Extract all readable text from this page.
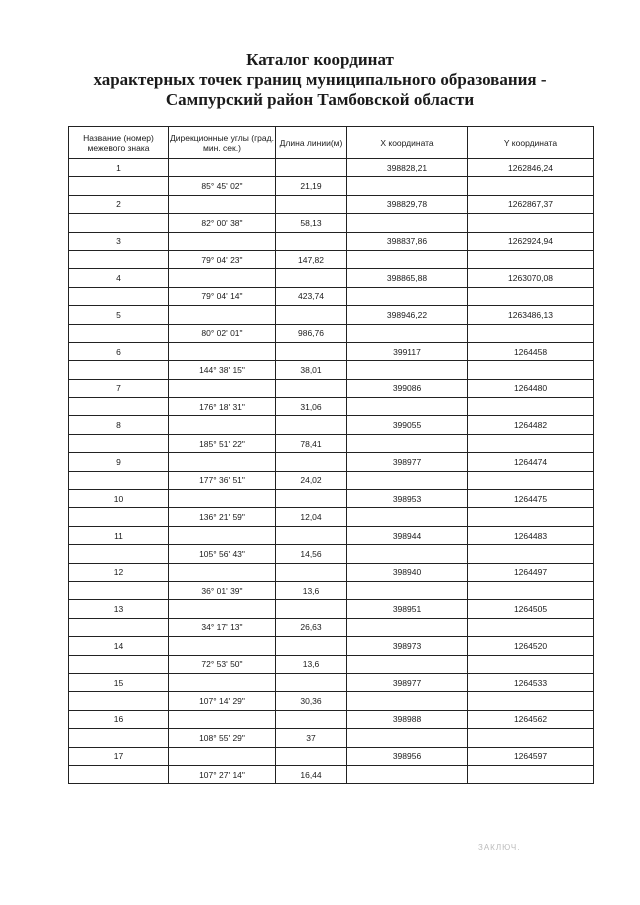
Каталог координат
характерных точек границ муниципального образования -
Сампурский район Тамбовской области
Название (номер) межевого знака	Дирекционные углы (град. мин. сек.)	Длина линии(м)	X координата	Y координата
1			398828,21	1262846,24
	85° 45' 02"	21,19		
2			398829,78	1262867,37
	82° 00' 38"	58,13		
3			398837,86	1262924,94
	79° 04' 23"	147,82		
4			398865,88	1263070,08
	79° 04' 14"	423,74		
5			398946,22	1263486,13
	80° 02' 01"	986,76		
6			399117	1264458
	144° 38' 15"	38,01		
7			399086	1264480
	176° 18' 31"	31,06		
8			399055	1264482
	185° 51' 22"	78,41		
9			398977	1264474
	177° 36' 51"	24,02		
10			398953	1264475
	136° 21' 59"	12,04		
11			398944	1264483
	105° 56' 43"	14,56		
12			398940	1264497
	36° 01' 39"	13,6		
13			398951	1264505
	34° 17' 13"	26,63		
14			398973	1264520
	72° 53' 50"	13,6		
15			398977	1264533
	107° 14' 29"	30,36		
16			398988	1264562
	108° 55' 29"	37		
17			398956	1264597
	107° 27' 14"	16,44		
ЗАКЛЮЧ.
